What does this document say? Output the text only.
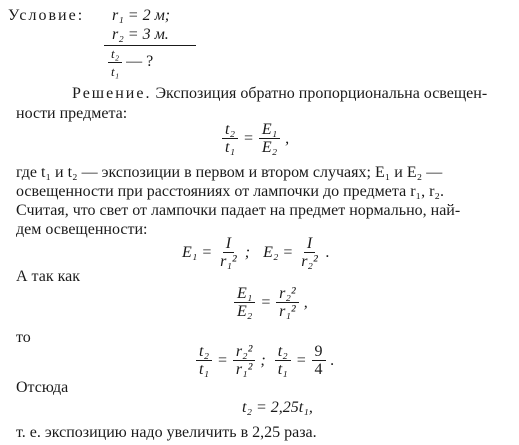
Условие: r₁ = 2 м;
r₂ = 3 м.
$\frac{\text{t₂}}{\text{t₁}}$ — ?
Решение. Экспозиция обратно пропорциональна освещен-
ности предмета:
$\frac{\text{t₂}}{\text{t₁}} = \frac{\text{E₁}}{\text{E₂}}$ ,
где t₁ и t₂ — экспозиции в первом и втором случаях; E₁ и E₂ —
освещенности при расстояниях от лампочки до предмета r₁, r₂.
Считая, что свет от лампочки падает на предмет нормально, най-
дем освещенности:
$E_1 = \frac{I}{\text{r₁²}}$ ; $E_2 = \frac{I}{\text{r₂²}}$ .
А так как
$\frac{\text{E₁}}{\text{E₂}} = \frac{\text{r₂²}}{\text{r₁²}}$ ,
то
$\frac{\text{t₂}}{\text{t₁}} = \frac{\text{r₂²}}{\text{r₁²}}$ ; $\frac{\text{t₂}}{\text{t₁}} = \frac{9}{4}$ .
Отсюда
t₂ = 2,25t₁,
т. е. экспозицию надо увеличить в 2,25 раза.
